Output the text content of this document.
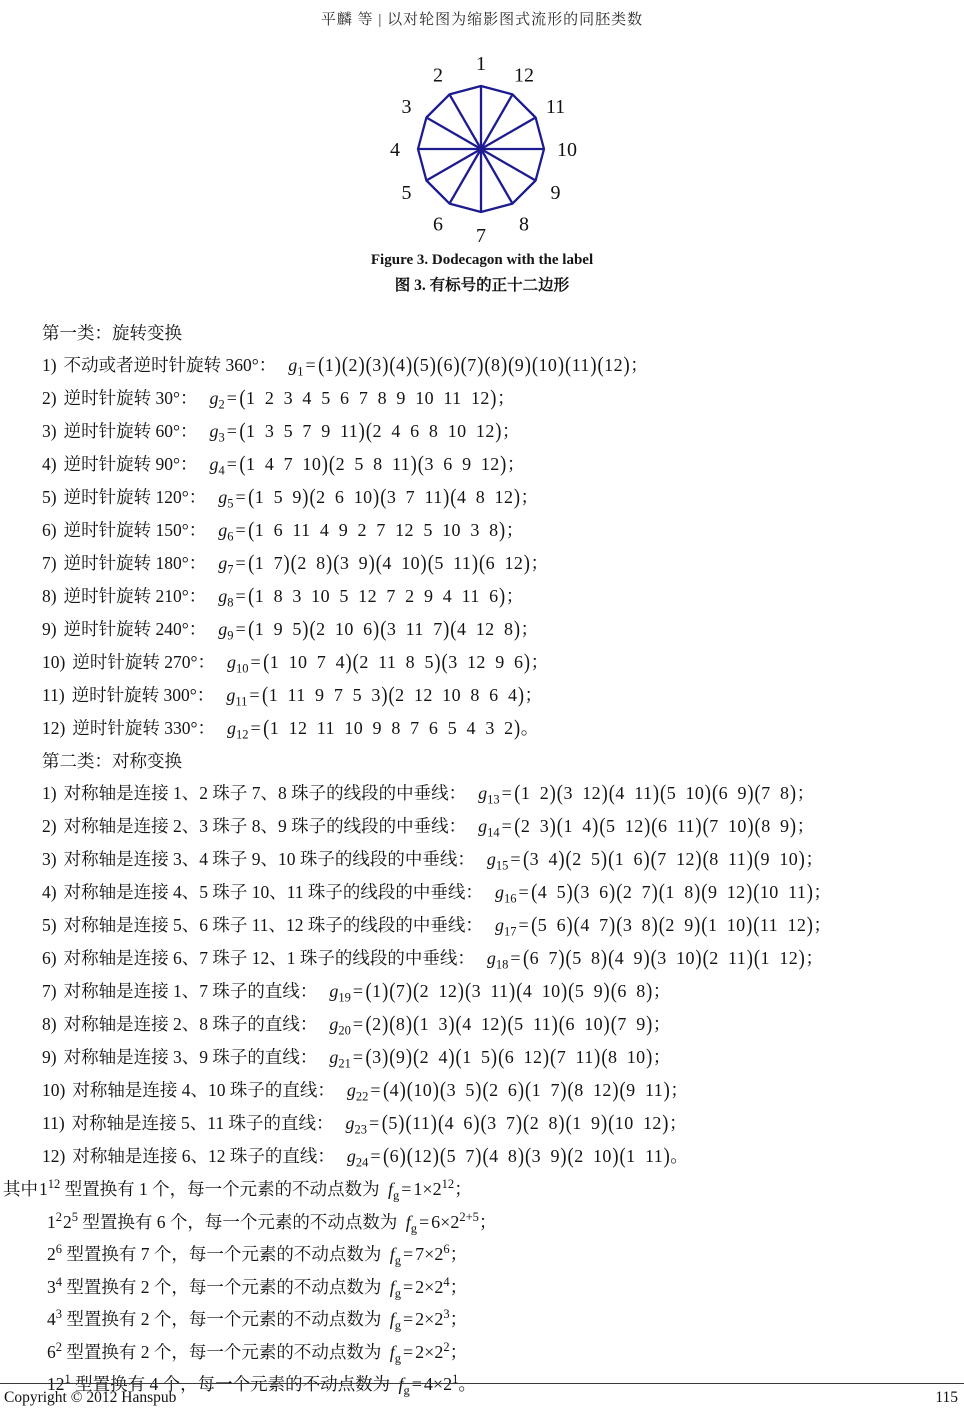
平麟 等 | 以对轮图为缩影图式流形的同胚类数
1
2
3
4
5
6
7
8
9
10
11
12
Figure 3. Dodecagon with the label
图 3. 有标号的正十二边形
第一类：旋转变换
1) 不动或者逆时针旋转 360°： $g_1 = (1)(2)(3)(4)(5)(6)(7)(8)(9)(10)(11)(12)$；
2) 逆时针旋转 30°： $g_2 = (1$ 2 3 4 5 6 7 8 9 10 11 12)；
3) 逆时针旋转 60°： $g_3 = (1$ 3 5 7 9 11)(2 4 6 8 10 12)；
4) 逆时针旋转 90°： $g_4 = (1$ 4 7 10)(2 5 8 11)(3 6 9 12)；
5) 逆时针旋转 120°： $g_5 = (1$ 5 9)(2 6 10)(3 7 11)(4 8 12)；
6) 逆时针旋转 150°： $g_6 = (1$ 6 11 4 9 2 7 12 5 10 3 8)；
7) 逆时针旋转 180°： $g_7 = (1$ 7)(2 8)(3 9)(4 10)(5 11)(6 12)；
8) 逆时针旋转 210°： $g_8 = (1$ 8 3 10 5 12 7 2 9 4 11 6)；
9) 逆时针旋转 240°： $g_9 = (1$ 9 5)(2 10 6)(3 11 7)(4 12 8)；
10) 逆时针旋转 270°： $g_{10} = (1$ 10 7 4)(2 11 8 5)(3 12 9 6)；
11) 逆时针旋转 300°： $g_{11} = (1$ 11 9 7 5 3)(2 12 10 8 6 4)；
12) 逆时针旋转 330°： $g_{12} = (1$ 12 11 10 9 8 7 6 5 4 3 2)。
第二类：对称变换
1) 对称轴是连接 1、2 珠子 7、8 珠子的线段的中垂线： $g_{13} = (1$ 2)(3 12)(4 11)(5 10)(6 9)(7 8)；
2) 对称轴是连接 2、3 珠子 8、9 珠子的线段的中垂线： $g_{14} = (2$ 3)(1 4)(5 12)(6 11)(7 10)(8 9)；
3) 对称轴是连接 3、4 珠子 9、10 珠子的线段的中垂线： $g_{15} = (3$ 4)(2 5)(1 6)(7 12)(8 11)(9 10)；
4) 对称轴是连接 4、5 珠子 10、11 珠子的线段的中垂线： $g_{16} = (4$ 5)(3 6)(2 7)(1 8)(9 12)(10 11)；
5) 对称轴是连接 5、6 珠子 11、12 珠子的线段的中垂线： $g_{17} = (5$ 6)(4 7)(3 8)(2 9)(1 10)(11 12)；
6) 对称轴是连接 6、7 珠子 12、1 珠子的线段的中垂线： $g_{18} = (6$ 7)(5 8)(4 9)(3 10)(2 11)(1 12)；
7) 对称轴是连接 1、7 珠子的直线： $g_{19} = (1)(7)(2$ 12)(3 11)(4 10)(5 9)(6 8)；
8) 对称轴是连接 2、8 珠子的直线： $g_{20} = (2)(8)(1$ 3)(4 12)(5 11)(6 10)(7 9)；
9) 对称轴是连接 3、9 珠子的直线： $g_{21} = (3)(9)(2$ 4)(1 5)(6 12)(7 11)(8 10)；
10) 对称轴是连接 4、10 珠子的直线： $g_{22} = (4)(10)(3$ 5)(2 6)(1 7)(8 12)(9 11)；
11) 对称轴是连接 5、11 珠子的直线： $g_{23} = (5)(11)(4$ 6)(3 7)(2 8)(1 9)(10 12)；
12) 对称轴是连接 6、12 珠子的直线： $g_{24} = (6)(12)(5$ 7)(4 8)(3 9)(2 10)(1 11)。
其中$1^{12}$ 型置换有 1 个，每一个元素的不动点数为 $f_g = 1\times 2^{12}$；
$1^22^5$ 型置换有 6 个，每一个元素的不动点数为 $f_g = 6\times 2^{2+5}$；
$2^6$ 型置换有 7 个，每一个元素的不动点数为 $f_g = 7\times 2^6$；
$3^4$ 型置换有 2 个，每一个元素的不动点数为 $f_g = 2\times 2^4$；
$4^3$ 型置换有 2 个，每一个元素的不动点数为 $f_g = 2\times 2^3$；
$6^2$ 型置换有 2 个，每一个元素的不动点数为 $f_g = 2\times 2^2$；
$12^1$ 型置换有 4 个，每一个元素的不动点数为 $f_g = 4\times 2^1$。
Copyright © 2012 Hanspub	115
